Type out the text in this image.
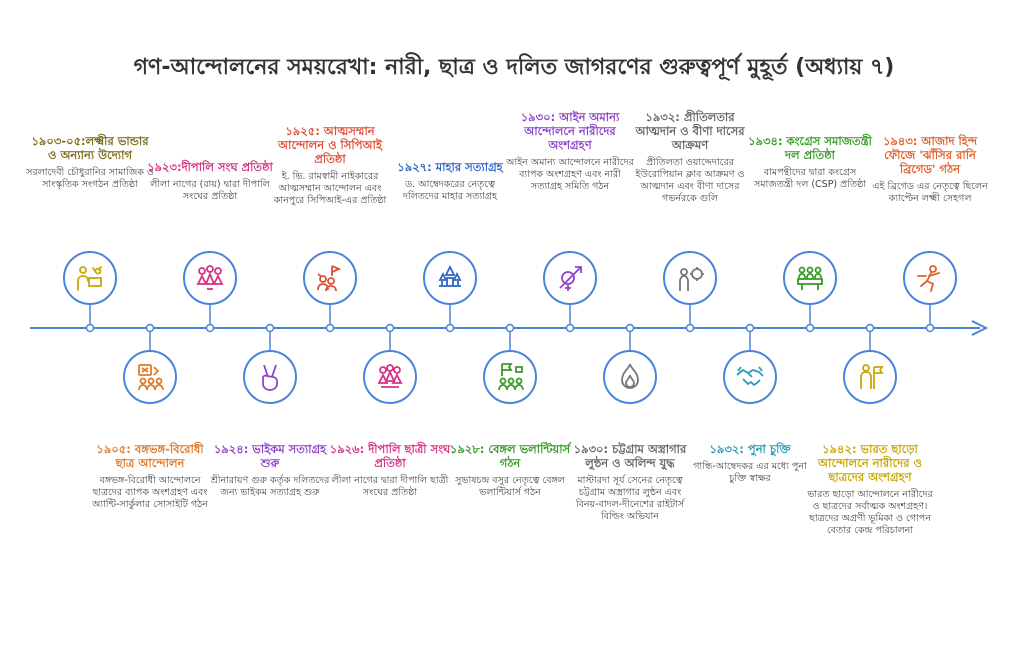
গণ-আন্দোলনের সময়রেখা: নারী, ছাত্র ও দলিত জাগরণের গুরুত্বপূর্ণ মুহূর্ত (অধ্যায় ৭)
১৯০৩-০৫:লক্ষ্মীর ভান্ডার ও অন্যান্য উদ্যোগ
সরলাদেবী চৌধুরানির সামাজিক ও সাংস্কৃতিক সংগঠন প্রতিষ্ঠা
১৯২৩:দীপালি সংঘ প্রতিষ্ঠা
লীলা নাগের (রায়) দ্বারা দীপালি সংঘের প্রতিষ্ঠা
১৯২৫: আত্মসম্মান আন্দোলন ও সিপিআই প্রতিষ্ঠা
ই. ভি. রামস্বামী নাইকারের আত্মসম্মান আন্দোলন এবং কানপুরে সিপিআই-এর প্রতিষ্ঠা
১৯২৭: মাহার সত্যাগ্রহ
ড. আম্বেদকরের নেতৃত্বে দলিতদের মাহার সত্যাগ্রহ
১৯৩০: আইন অমান্য আন্দোলনে নারীদের অংশগ্রহণ
আইন অমান্য আন্দোলনে নারীদের ব্যাপক অংশগ্রহণ এবং নারী সত্যাগ্রহ সমিতি গঠন
১৯৩২: প্রীতিলতার আত্মদান ও বীণা দাসের আক্রমণ
প্রীতিলতা ওয়াদ্দেদারের ইউরোপিয়ান ক্লাব আক্রমণ ও আত্মদান এবং বীণা দাসের গভর্নরকে গুলি
১৯৩৪: কংগ্রেস সমাজতন্ত্রী দল প্রতিষ্ঠা
বামপন্থীদের দ্বারা কংগ্রেস সমাজতন্ত্রী দল (CSP) প্রতিষ্ঠা
১৯৪৩: আজাদ হিন্দ ফৌজে 'ঝাঁসির রানি ব্রিগেড' গঠন
এই ব্রিগেড এর নেতৃত্বে ছিলেন ক্যাপ্টেন লক্ষ্মী সেহগল
১৯০৫: বঙ্গভঙ্গ-বিরোধী ছাত্র আন্দোলন
বঙ্গভঙ্গ-বিরোধী আন্দোলনে ছাত্রদের ব্যাপক অংশগ্রহণ এবং অ্যান্টি-সার্কুলার সোসাইটি গঠন
১৯২৪: ভাইকম সত্যাগ্রহ শুরু
শ্রীনারায়ণ গুরু কর্তৃক দলিতদের জন্য ভাইকম সত্যাগ্রহ শুরু
১৯২৬: দীপালি ছাত্রী সংঘ প্রতিষ্ঠা
লীলা নাগের দ্বারা দীপালি ছাত্রী সংঘের প্রতিষ্ঠা
১৯২৮: বেঙ্গল ভলান্টিয়ার্স গঠন
সুভাষচন্দ্র বসুর নেতৃত্বে বেঙ্গল ভলান্টিয়ার্স গঠন
১৯৩০: চট্টগ্রাম অস্ত্রাগার লুন্ঠন ও অলিন্দ যুদ্ধ
মাস্টারদা সূর্য সেনের নেতৃত্বে চট্টগ্রাম অস্ত্রাগার লুন্ঠন এবং বিনয়-বাদল-দীনেশের রাইটার্স বিল্ডিং অভিযান
১৯৩২: পুনা চুক্তি
গান্ধি-আম্বেদকর এর মধ্যে পুনা চুক্তি স্বাক্ষর
১৯৪২: ভারত ছাড়ো আন্দোলনে নারীদের ও ছাত্রদের অংশগ্রহণ
ভারত ছাড়ো আন্দোলনে নারীদের ও ছাত্রদের সর্বাত্মক অংশগ্রহণ। ছাত্রদের অগ্রণী ভূমিকা ও গোপন বেতার কেন্দ্র পরিচালনা
